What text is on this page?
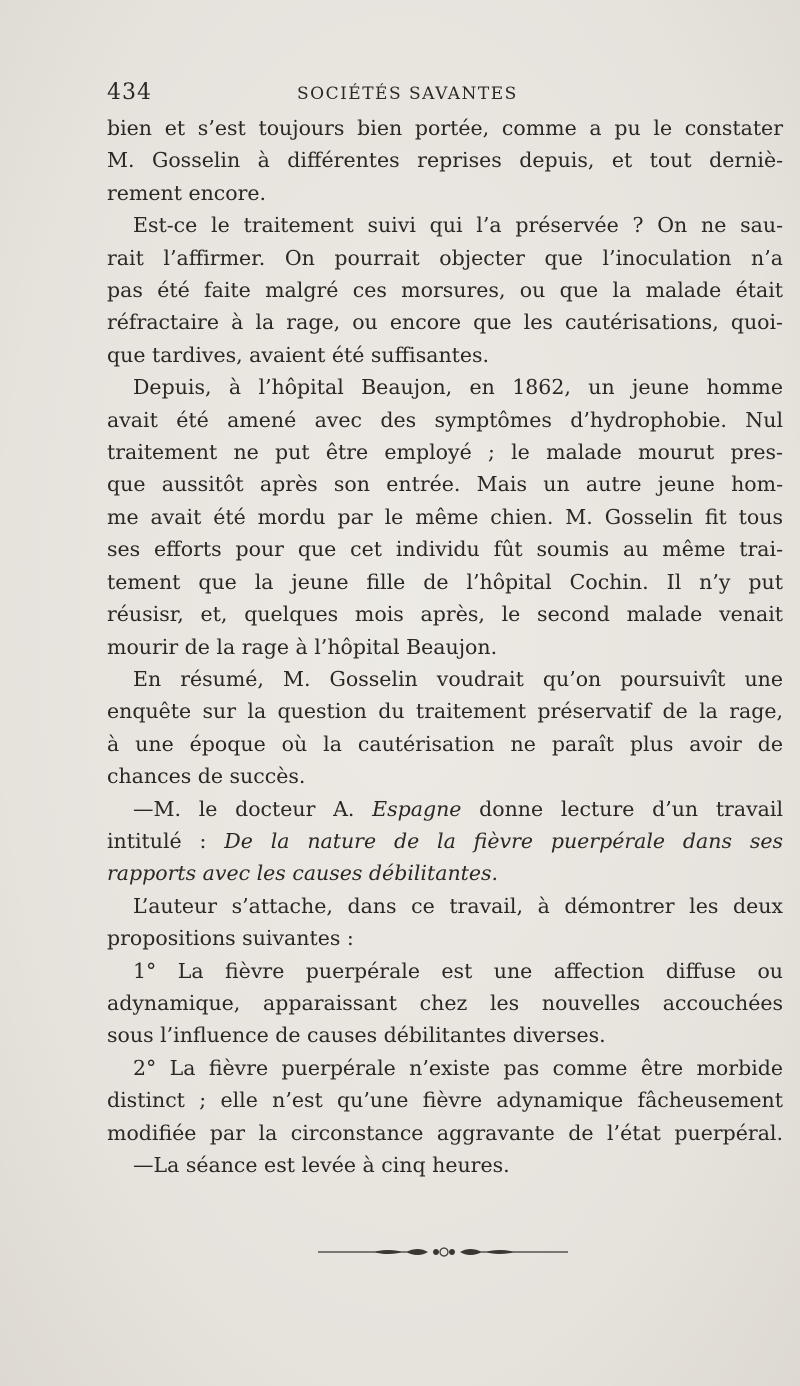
434	SOCIÉTÉS SAVANTES
bien et s’est toujours bien portée, comme a pu le constater
M. Gosselin à différentes reprises depuis, et tout derniè-
rement encore.
Est-ce le traitement suivi qui l’a préservée ? On ne sau-
rait l’affirmer. On pourrait objecter que l’inoculation n’a
pas été faite malgré ces morsures, ou que la malade était
réfractaire à la rage, ou encore que les cautérisations, quoi-
que tardives, avaient été suffisantes.
Depuis, à l’hôpital Beaujon, en 1862, un jeune homme
avait été amené avec des symptômes d’hydrophobie. Nul
traitement ne put être employé ; le malade mourut pres-
que aussitôt après son entrée. Mais un autre jeune hom-
me avait été mordu par le même chien. M. Gosselin fit tous
ses efforts pour que cet individu fût soumis au même trai-
tement que la jeune fille de l’hôpital Cochin. Il n’y put
réusisr, et, quelques mois après, le second malade venait
mourir de la rage à l’hôpital Beaujon.
En résumé, M. Gosselin voudrait qu’on poursuivît une
enquête sur la question du traitement préservatif de la rage,
à une époque où la cautérisation ne paraît plus avoir de
chances de succès.
—M. le docteur A. Espagne donne lecture d’un travail
intitulé : De la nature de la fièvre puerpérale dans ses
rapports avec les causes débilitantes.
L’auteur s’attache, dans ce travail, à démontrer les deux
propositions suivantes :
1° La fièvre puerpérale est une affection diffuse ou
adynamique, apparaissant chez les nouvelles accouchées
sous l’influence de causes débilitantes diverses.
2° La fièvre puerpérale n’existe pas comme être morbide
distinct ; elle n’est qu’une fièvre adynamique fâcheusement
modifiée par la circonstance aggravante de l’état puerpéral.
—La séance est levée à cinq heures.
